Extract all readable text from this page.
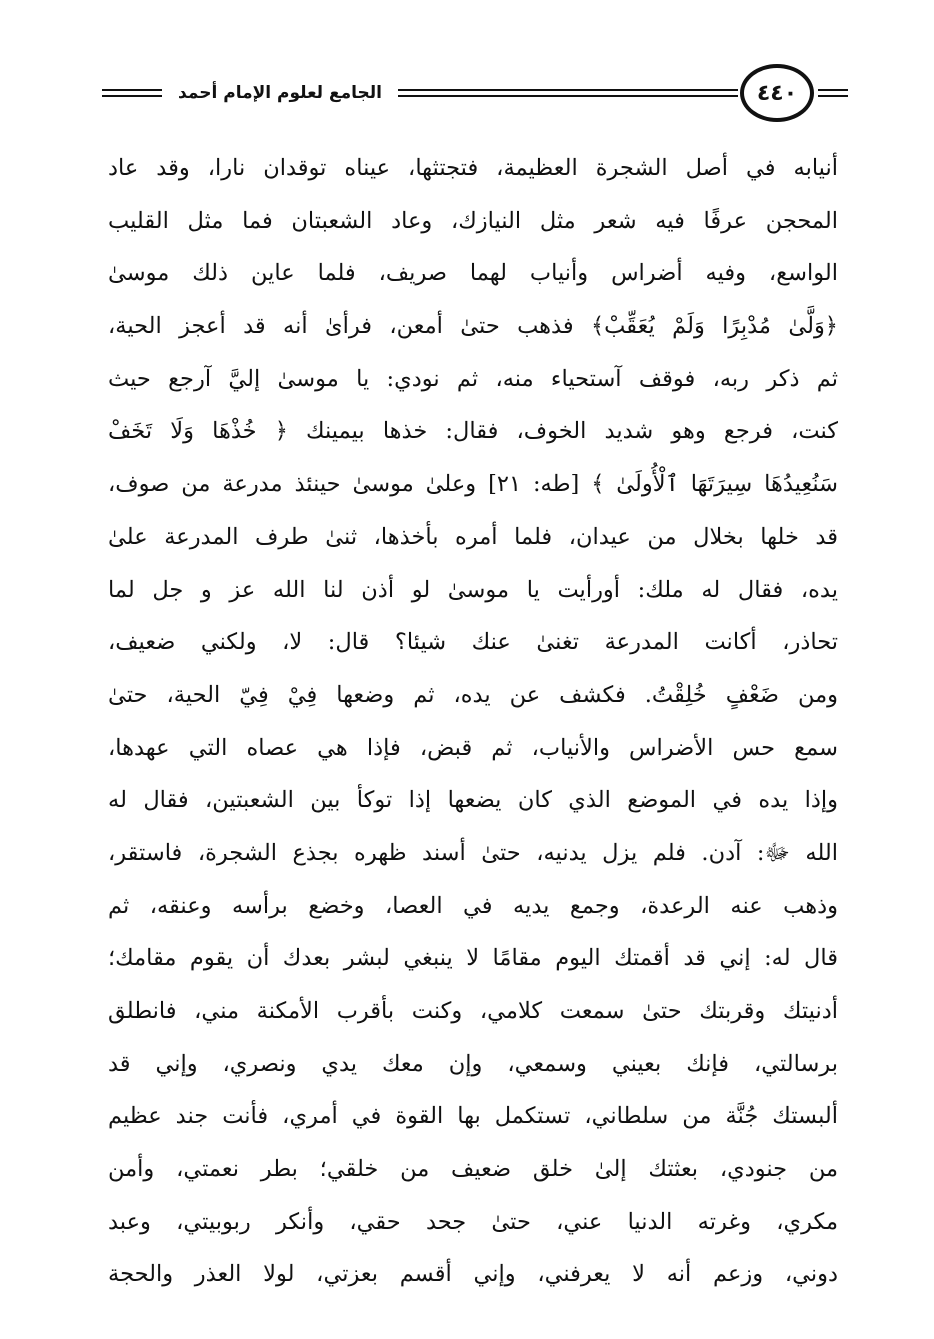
الجامع لعلوم الإمام أحمد	٤٤٠
أنيابه في أصل الشجرة العظيمة، فتجتثها، عيناه توقدان نارا، وقد عاد
المحجن عرفًا فيه شعر مثل النيازك، وعاد الشعبتان فما مثل القليب
الواسع، وفيه أضراس وأنياب لهما صريف، فلما عاين ذلك موسىٰ
﴿وَلَّىٰ مُدْبِرًا وَلَمْ يُعَقِّبْ﴾ فذهب حتىٰ أمعن، فرأىٰ أنه قد أعجز الحية،
ثم ذكر ربه، فوقف آستحياء منه، ثم نودي: يا موسىٰ إليَّ آرجع حيث
كنت، فرجع وهو شديد الخوف، فقال: خذها بيمينك ﴿ خُذْهَا وَلَا تَخَفْ
سَنُعِيدُهَا سِيرَتَهَا ٱلْأُولَىٰ ﴾ [طه: ٢١] وعلىٰ موسىٰ حينئذ مدرعة من صوف،
قد خلها بخلال من عيدان، فلما أمره بأخذها، ثنىٰ طرف المدرعة علىٰ
يده، فقال له ملك: أورأيت يا موسىٰ لو أذن لنا الله عز و جل لما
تحاذر، أكانت المدرعة تغنىٰ عنك شيئا؟ قال: لا، ولكني ضعيف،
ومن ضَعْفٍ خُلِقْتُ. فكشف عن يده، ثم وضعها فِيْ فِيّ الحية، حتىٰ
سمع حس الأضراس والأنياب، ثم قبض، فإذا هي عصاه التي عهدها،
وإذا يده في الموضع الذي كان يضعها إذا توكأ بين الشعبتين، فقال له
الله ﷻ: آدن. فلم يزل يدنيه، حتىٰ أسند ظهره بجذع الشجرة، فاستقر،
وذهب عنه الرعدة، وجمع يديه في العصا، وخضع برأسه وعنقه، ثم
قال له: إني قد أقمتك اليوم مقامًا لا ينبغي لبشر بعدك أن يقوم مقامك؛
أدنيتك وقربتك حتىٰ سمعت كلامي، وكنت بأقرب الأمكنة مني، فانطلق
برسالتي، فإنك بعيني وسمعي، وإن معك يدي ونصري، وإني قد
ألبستك جُنَّة من سلطاني، تستكمل بها القوة في أمري، فأنت جند عظيم
من جنودي، بعثتك إلىٰ خلق ضعيف من خلقي؛ بطر نعمتي، وأمن
مكري، وغرته الدنيا عني، حتىٰ جحد حقي، وأنكر ربوبيتي، وعبد
دوني، وزعم أنه لا يعرفني، وإني أقسم بعزتي، لولا العذر والحجة
